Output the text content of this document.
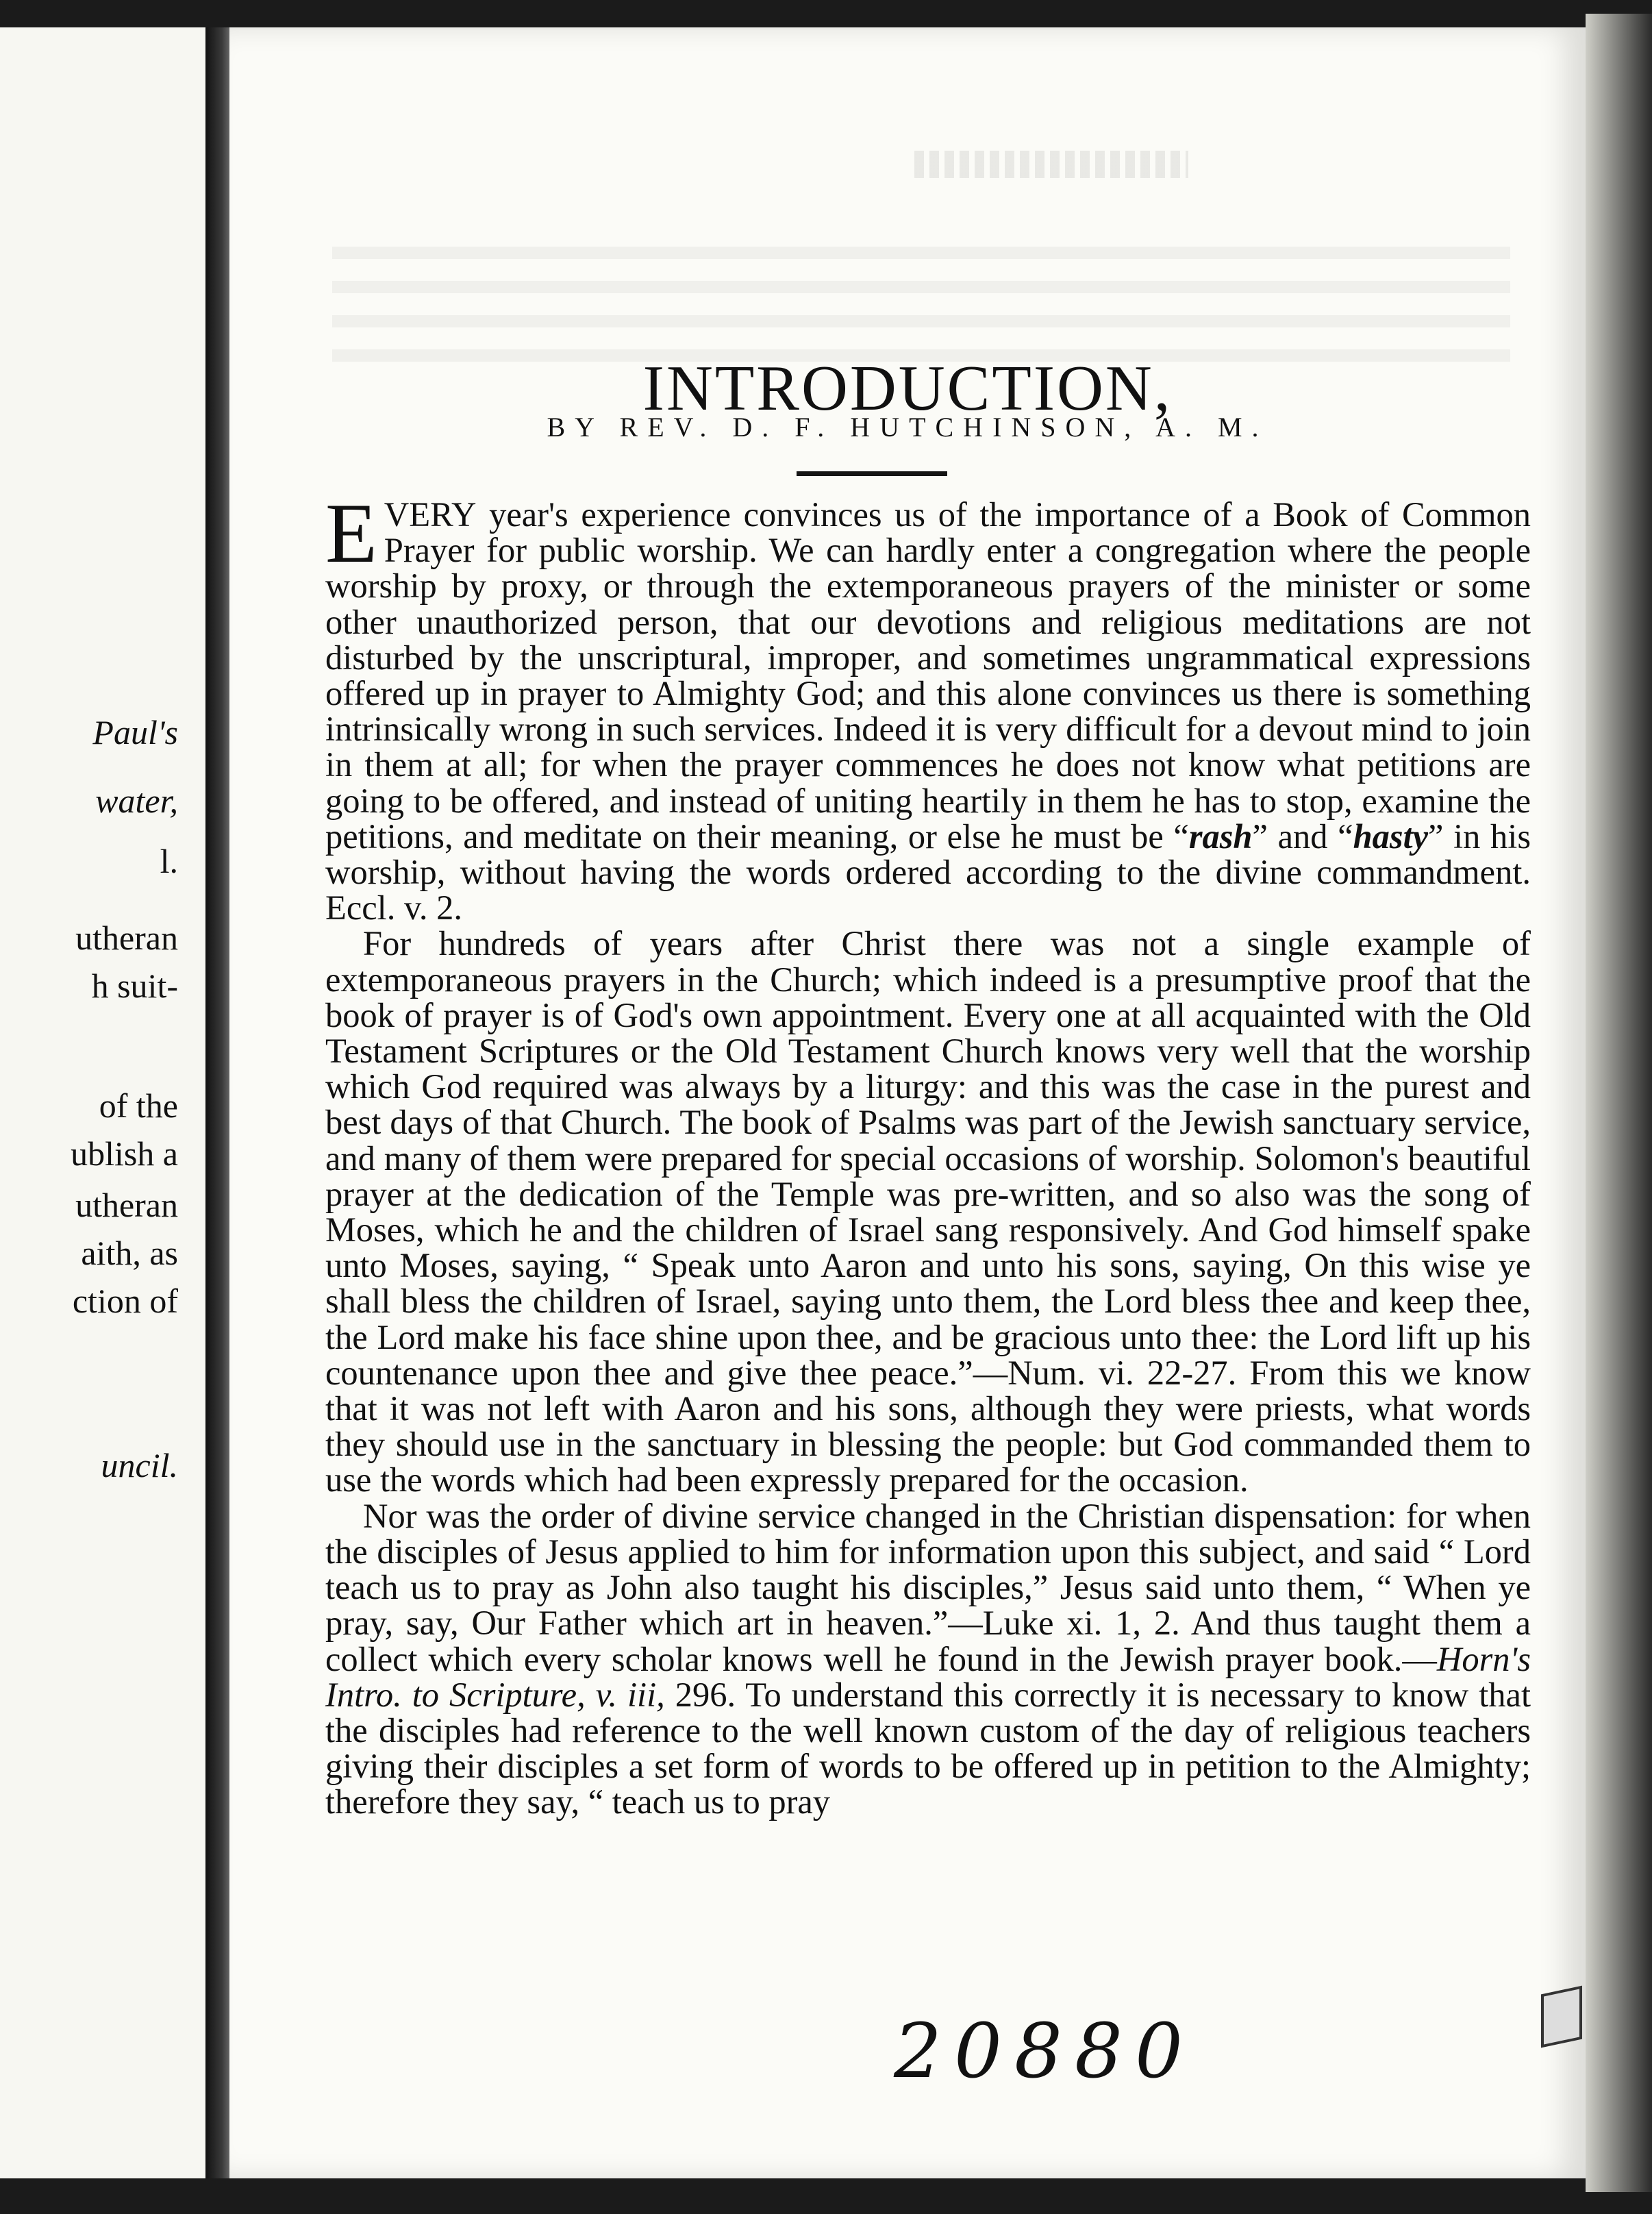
Paul's
water,
l.
utheran
h suit-
of the
ublish a
utheran
aith, as
ction of
uncil.
INTRODUCTION,
BY REV. D. F. HUTCHINSON, A. M.

EVERY year's experience convinces us of the importance of a Book of Common Prayer for public worship. We can hardly enter a congregation where the people worship by proxy, or through the extemporaneous prayers of the minister or some other unauthorized person, that our devotions and religious meditations are not disturbed by the unscriptural, improper, and sometimes ungrammatical expressions offered up in prayer to Almighty God; and this alone convinces us there is something intrinsically wrong in such services. Indeed it is very difficult for a devout mind to join in them at all; for when the prayer commences he does not know what petitions are going to be offered, and instead of uniting heartily in them he has to stop, examine the petitions, and meditate on their meaning, or else he must be “rash” and “hasty” in his worship, without having the words ordered according to the divine commandment. Eccl. v. 2.

For hundreds of years after Christ there was not a single example of extemporaneous prayers in the Church; which indeed is a presumptive proof that the book of prayer is of God's own appointment. Every one at all acquainted with the Old Testament Scriptures or the Old Testament Church knows very well that the worship which God required was always by a liturgy: and this was the case in the purest and best days of that Church. The book of Psalms was part of the Jewish sanctuary service, and many of them were prepared for special occasions of worship. Solomon's beautiful prayer at the dedication of the Temple was pre-written, and so also was the song of Moses, which he and the children of Israel sang responsively. And God himself spake unto Moses, saying, “ Speak unto Aaron and unto his sons, saying, On this wise ye shall bless the children of Israel, saying unto them, the Lord bless thee and keep thee, the Lord make his face shine upon thee, and be gracious unto thee: the Lord lift up his countenance upon thee and give thee peace.”—Num. vi. 22-27. From this we know that it was not left with Aaron and his sons, although they were priests, what words they should use in the sanctuary in blessing the people: but God commanded them to use the words which had been expressly prepared for the occasion.

Nor was the order of divine service changed in the Christian dispensation: for when the disciples of Jesus applied to him for information upon this subject, and said “ Lord teach us to pray as John also taught his disciples,” Jesus said unto them, “ When ye pray, say, Our Father which art in heaven.”—Luke xi. 1, 2. And thus taught them a collect which every scholar knows well he found in the Jewish prayer book.—Horn's Intro. to Scripture, v. iii, 296. To understand this correctly it is necessary to know that the disciples had reference to the well known custom of the day of religious teachers giving their disciples a set form of words to be offered up in petition to the Almighty; therefore they say, “ teach us to pray

20880
